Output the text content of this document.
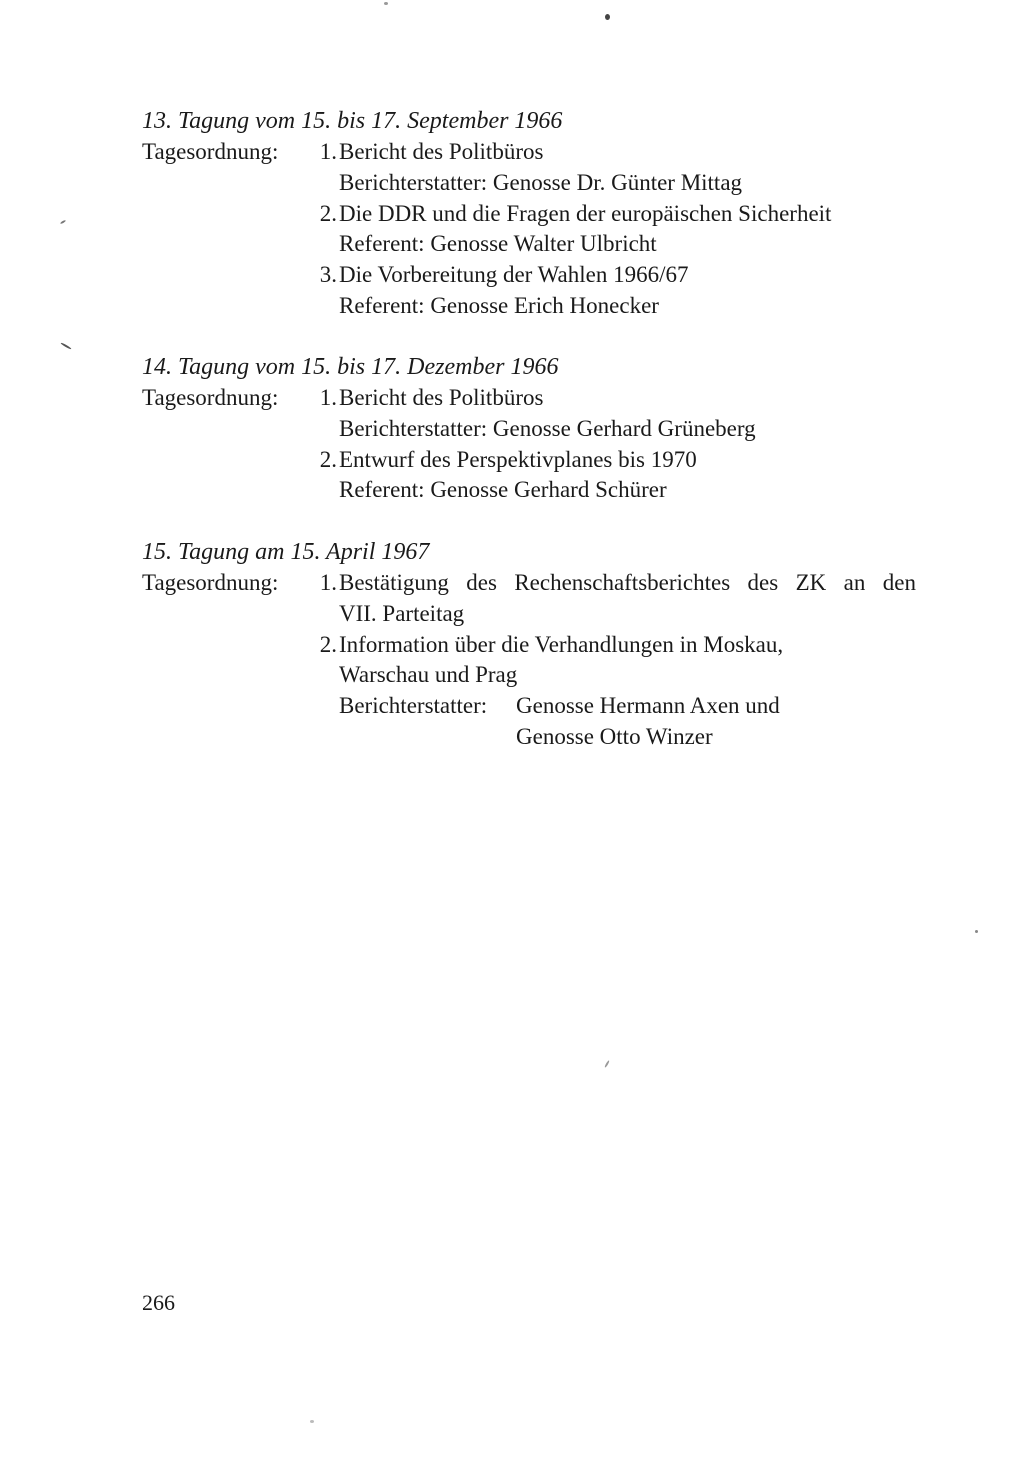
13. Tagung vom 15. bis 17. September 1966
Tagesordnung:	1. Bericht des Politbüros
Berichterstatter: Genosse Dr. Günter Mittag
2. Die DDR und die Fragen der europäischen Sicherheit
Referent: Genosse Walter Ulbricht
3. Die Vorbereitung der Wahlen 1966/67
Referent: Genosse Erich Honecker
14. Tagung vom 15. bis 17. Dezember 1966
Tagesordnung:	1. Bericht des Politbüros
Berichterstatter: Genosse Gerhard Grüneberg
2. Entwurf des Perspektivplanes bis 1970
Referent: Genosse Gerhard Schürer
15. Tagung am 15. April 1967
Tagesordnung:	1. Bestätigung des Rechenschaftsberichtes des ZK an den
VII. Parteitag
2. Information über die Verhandlungen in Moskau,
Warschau und Prag
Berichterstatter:	Genosse Hermann Axen und
Genosse Otto Winzer
266
